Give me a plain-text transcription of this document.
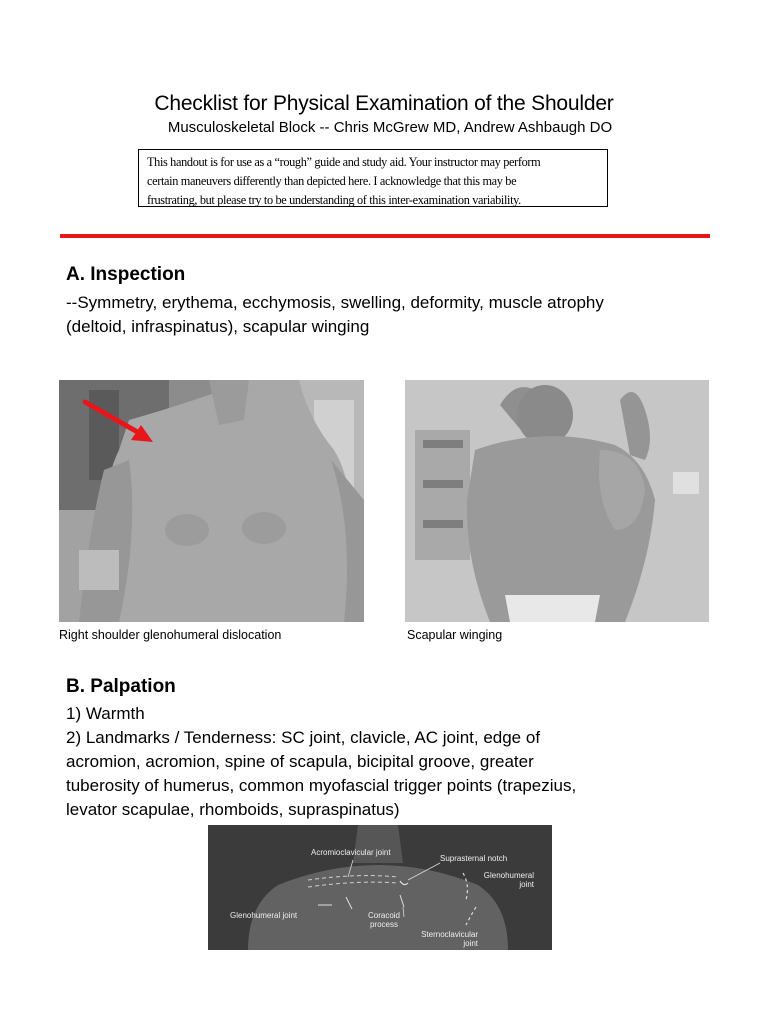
Checklist for Physical Examination of the Shoulder
Musculoskeletal Block -- Chris McGrew MD, Andrew Ashbaugh DO
This handout is for use as a “rough” guide and study aid. Your instructor may perform
certain maneuvers differently than depicted here. I acknowledge that this may be
frustrating, but please try to be understanding of this inter-examination variability.
A. Inspection
--Symmetry, erythema, ecchymosis, swelling, deformity, muscle atrophy
(deltoid, infraspinatus), scapular winging
Right shoulder glenohumeral dislocation	Scapular winging
B. Palpation
1) Warmth
2) Landmarks / Tenderness: SC joint, clavicle, AC joint, edge of
acromion, acromion, spine of scapula, bicipital groove, greater
tuberosity of humerus, common myofascial trigger points (trapezius,
levator scapulae, rhomboids, supraspinatus)
Acromioclavicular joint
Suprasternal notch
Glenohumeral
joint
Glenohumeral joint	Coracoid
process
Sternoclavicular
joint
